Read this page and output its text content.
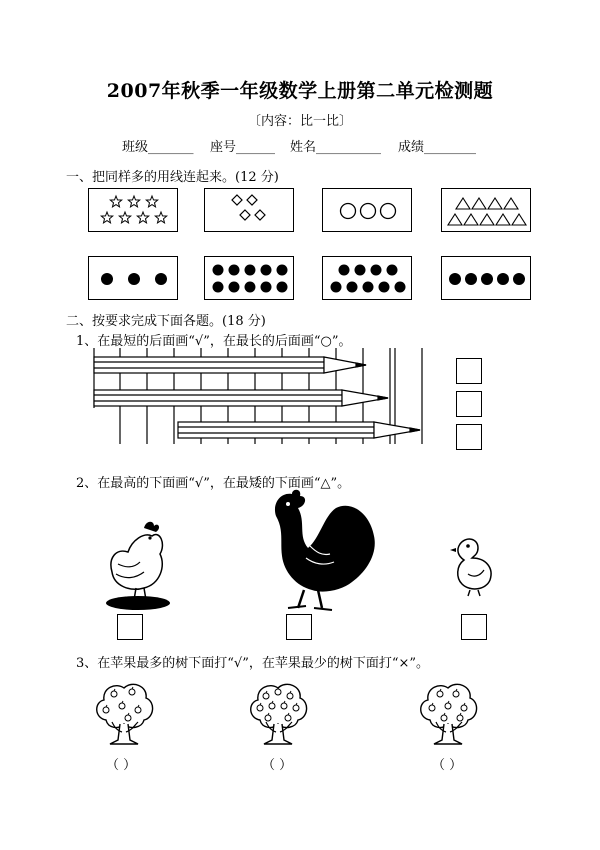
2007年秋季一年级数学上册第二单元检测题
〔内容：比一比〕
班级_______ 座号______ 姓名__________ 成绩________
一、把同样多的用线连起来。(12 分)
二、按要求完成下面各题。(18 分)
1、在最短的后面画“√”，在最长的后面画“○”。
2、在最高的下面画“√”，在最矮的下面画“△”。
3、在苹果最多的树下面打“√”，在苹果最少的树下面打“×”。
（ ）	（ ）	（ ）
